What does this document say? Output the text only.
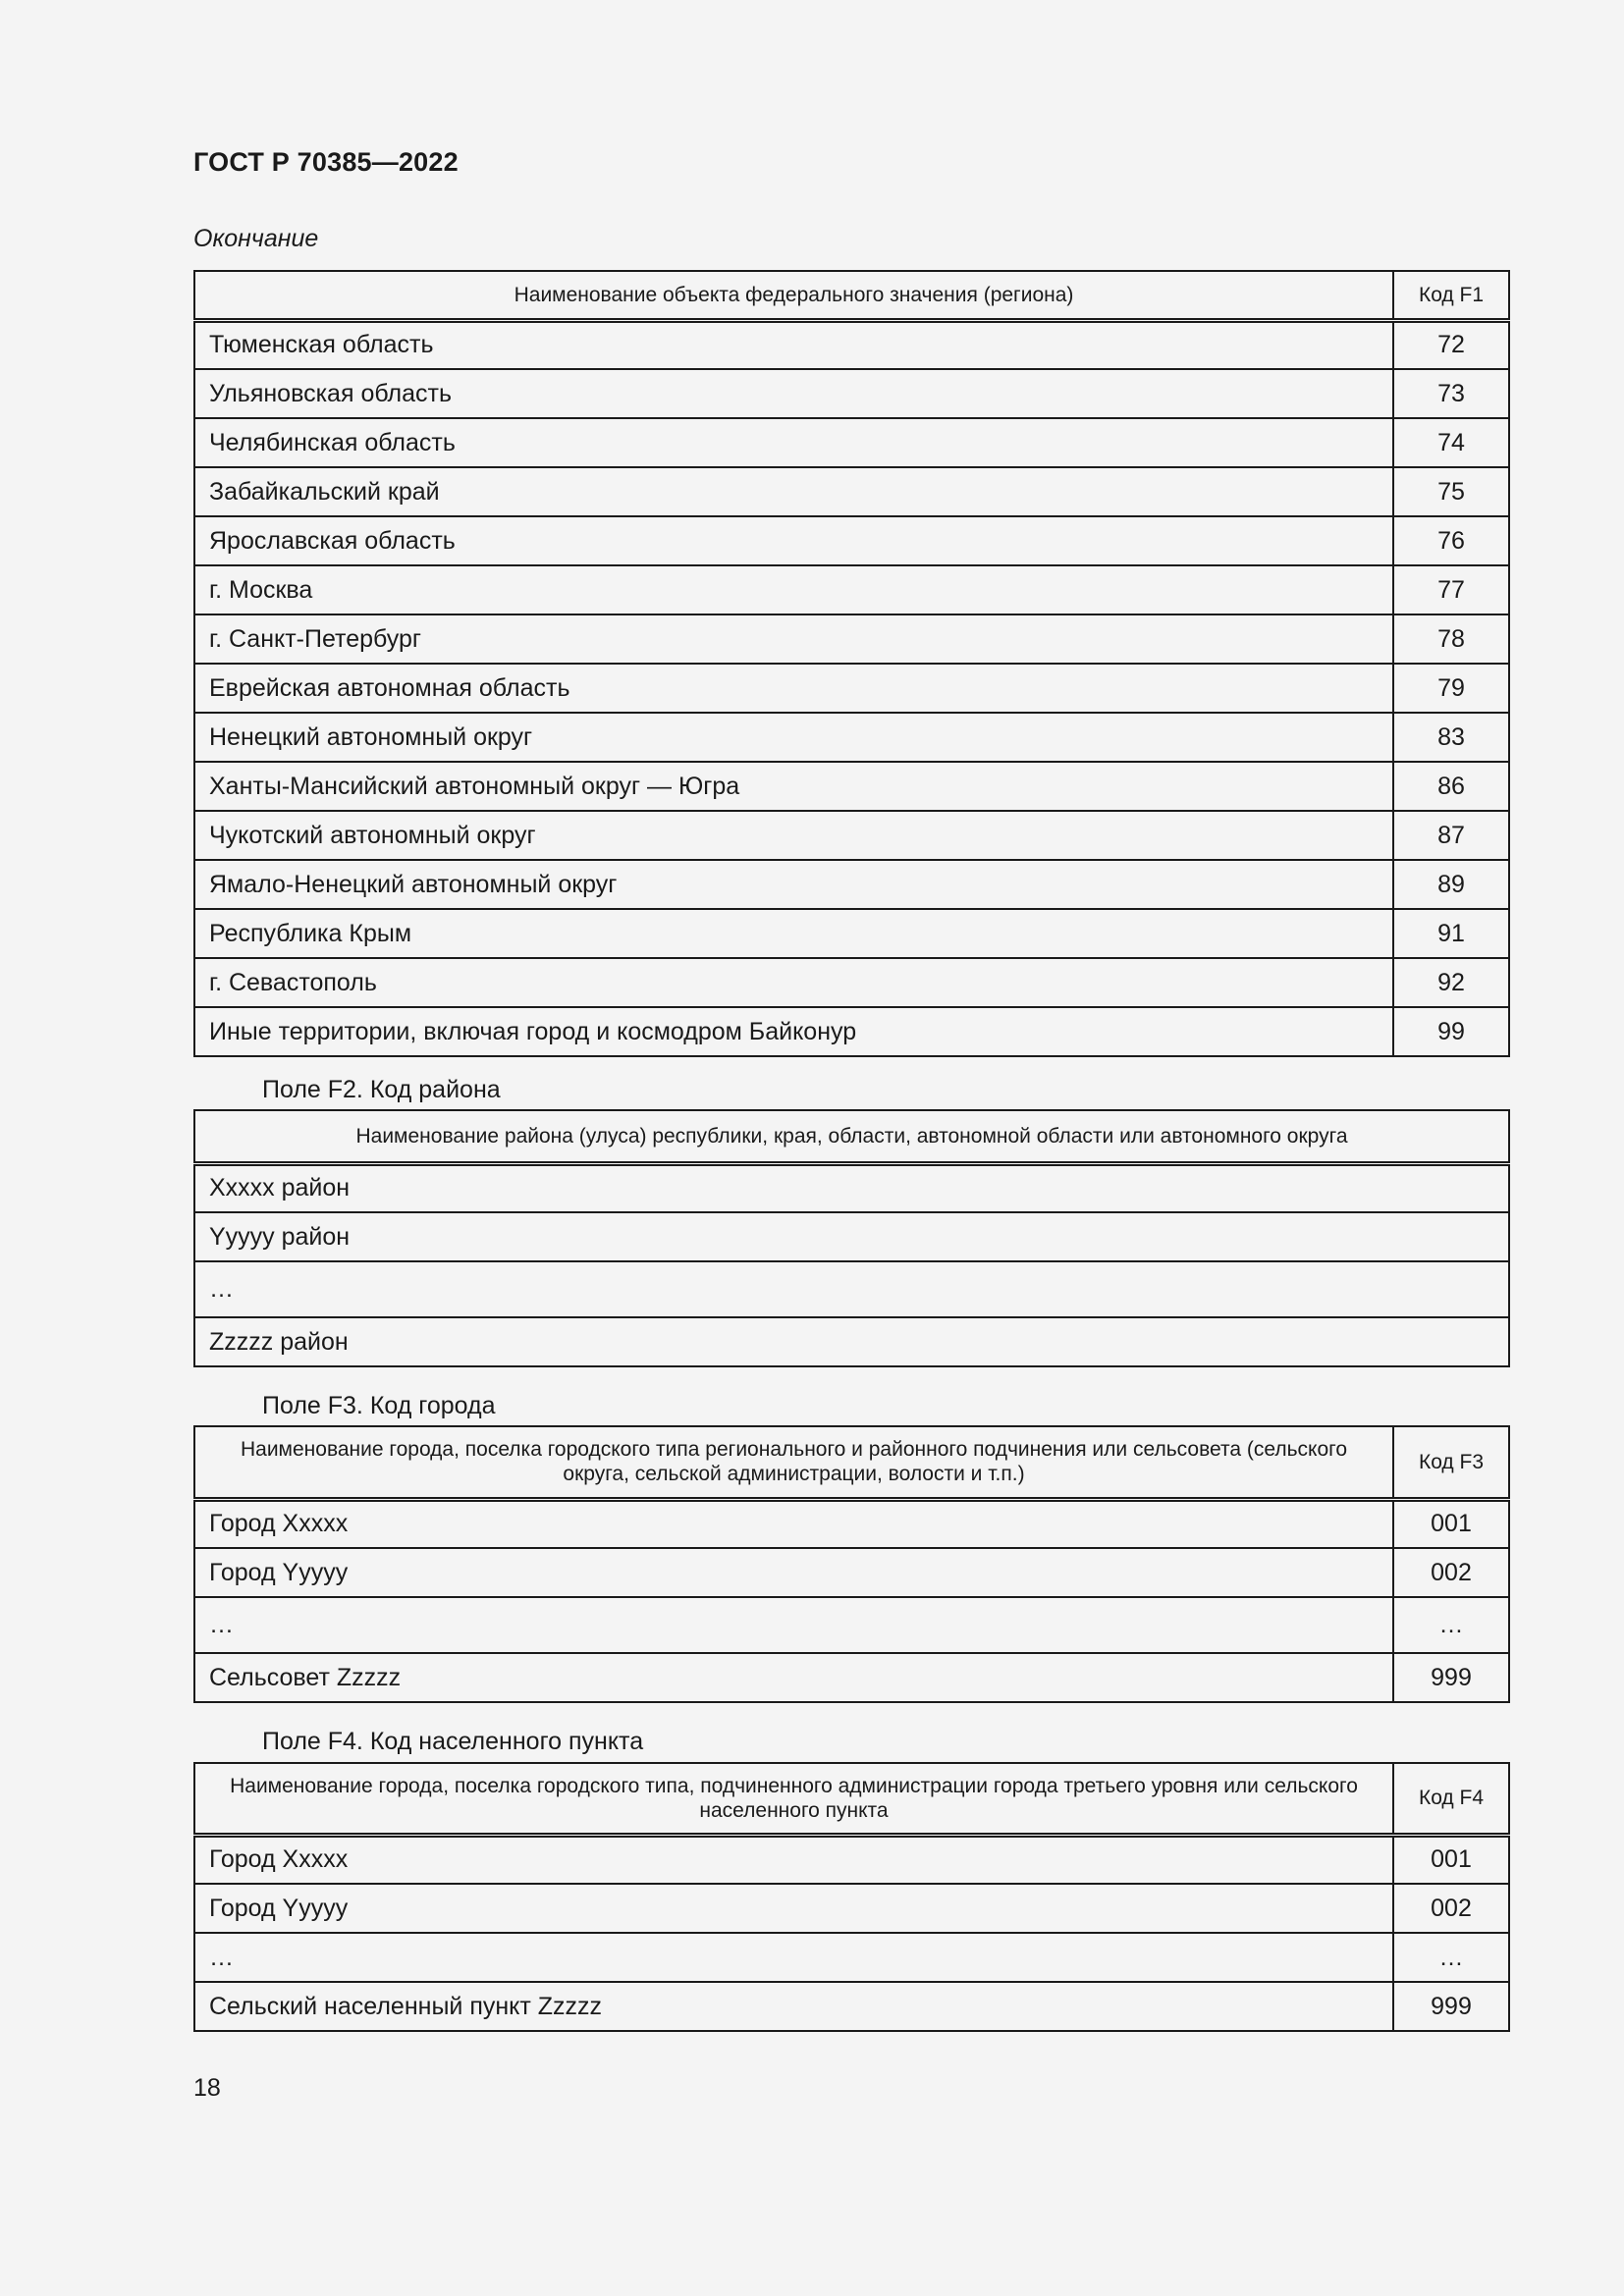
ГОСТ Р 70385—2022
Окончание
Наименование объекта федерального значения (региона)	Код F1
Тюменская область	72
Ульяновская область	73
Челябинская область	74
Забайкальский край	75
Ярославская область	76
г. Москва	77
г. Санкт-Петербург	78
Еврейская автономная область	79
Ненецкий автономный округ	83
Ханты-Мансийский автономный округ — Югра	86
Чукотский автономный округ	87
Ямало-Ненецкий автономный округ	89
Республика Крым	91
г. Севастополь	92
Иные территории, включая город и космодром Байконур	99
Поле F2. Код района
Наименование района (улуса) республики, края, области, автономной области или автономного округа
Xxxxx район
Yyyyy район
…
Zzzzz район
Поле F3. Код города
Наименование города, поселка городского типа регионального и районного подчинения или сельсовета (сельского округа, сельской администрации, волости и т.п.)	Код F3
Город Xxxxx	001
Город Yyyyy	002
…	…
Сельсовет Zzzzz	999
Поле F4. Код населенного пункта
Наименование города, поселка городского типа, подчиненного администрации города третьего уровня или сельского населенного пункта	Код F4
Город Xxxxx	001
Город Yyyyy	002
…	…
Сельский населенный пункт Zzzzz	999
18
